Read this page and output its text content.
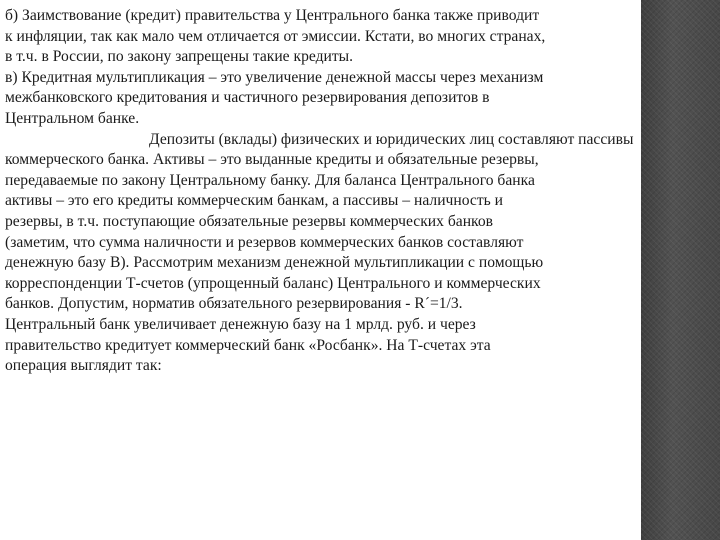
б) Заимствование (кредит) правительства у Центрального банка также приводит
к инфляции, так как мало чем отличается от эмиссии. Кстати, во многих странах,
в т.ч. в России, по закону запрещены такие кредиты.
в) Кредитная мультипликация – это увеличение денежной массы через механизм
межбанковского кредитования и частичного резервирования депозитов в
Центральном банке.
Депозиты (вклады) физических и юридических лиц составляют пассивы
коммерческого банка. Активы – это выданные кредиты и обязательные резервы,
передаваемые по закону Центральному банку. Для баланса Центрального банка
активы – это его кредиты коммерческим банкам, а пассивы – наличность и
резервы, в т.ч. поступающие обязательные резервы коммерческих банков
(заметим, что сумма наличности и резервов коммерческих банков составляют
денежную базу В). Рассмотрим механизм денежной мультипликации с помощью
корреспонденции Т-счетов (упрощенный баланс) Центрального и коммерческих
банков. Допустим, норматив обязательного резервирования - R´=1/3.
Центральный банк увеличивает денежную базу на 1 мрлд. руб. и через
правительство кредитует коммерческий банк «Росбанк». На Т-счетах эта
операция выглядит так:
